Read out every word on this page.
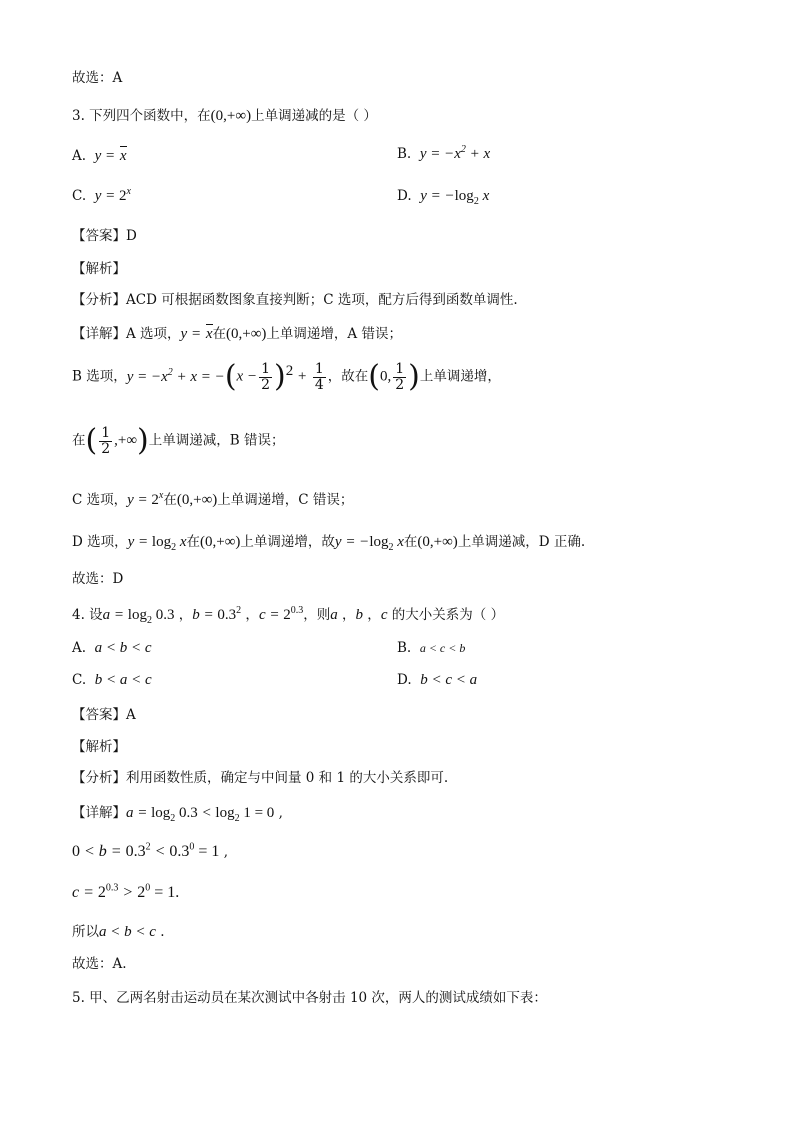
故选：A
3. 下列四个函数中，在(0,+∞)上单调递减的是（ ）
A. y = x	B. $y = -x^2 + x$
C. $y = 2^x$	D. $y = -\log_2$ x
【答案】D
【解析】
【分析】ACD 可根据函数图象直接判断；C 选项，配方后得到函数单调性.
【详解】A 选项，y = x在(0,+∞)上单调递增，A 错误；
B 选项，$y = -x^2 + x = -(x - \frac{1}{2} )^2 + \frac{1}{4}$ ，故在(0, $\frac{1}{2}$ )上单调递增，
在( $\frac{1}{2}$ ,+∞)上单调递减，B 错误；
C 选项，$y = 2^x$在(0,+∞)上单调递增，C 错误；
D 选项，$y = \log_2 x$在(0,+∞)上单调递增，故$y = -\log_2$ x在(0,+∞)上单调递减，D 正确.
故选：D
4. 设$a = \log_2 0.3$ ，$b = 0.3^2$ ，$c = 2^{0.3}$，则a ，b ，c 的大小关系为（ ）
A. a < b < c	B. a < c < b
C. b < a < c	D. b < c < a
【答案】A
【解析】
【分析】利用函数性质，确定与中间量 0 和 1 的大小关系即可.
【详解】$a = \log_2 0.3 < \log_2 1 = 0$ ,
$0 < b = 0.3^2 < 0.3^0 = 1$ ,
$c = 2^{0.3} > 2^0 = 1$.
所以a < b < c .
故选：A.
5. 甲、乙两名射击运动员在某次测试中各射击 10 次，两人的测试成绩如下表：
